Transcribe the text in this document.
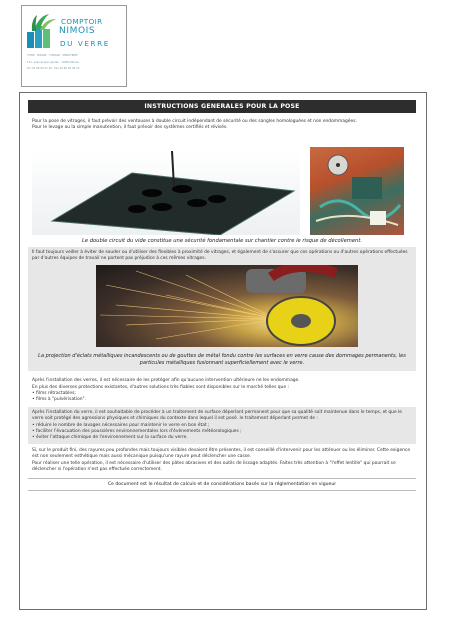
COMPTOIR
NIMOIS
DU VERRE
VITRE · MIROIR · VITRAGE · MIROITERIE
131, avenue Jean-Jaurès – 30900 Nîmes
Tél. 04 66 84 21 20 · Fax 04 66 84 09 70
INSTRUCTIONS GENERALES POUR LA POSE

Pour la pose de vitrages, il faut prévoir des ventouses à double circuit indépendant de sécurité ou des sangles homologuées et non endommagées.

Pour le levage ou la simple manutention, il faut prévoir des systèmes certifiés et révisés.

Le double circuit du vide constitue une sécurité fondamentale sur chantier contre le risque de décollement.

Il faut toujours veiller à éviter de souder ou d'utiliser des flexibles à proximité de vitrages, et également de s'assurer que ces opérations ou d'autres opérations effectuées par d'autres équipes de travail ne portent pas préjudice à ces mêmes vitrages.

La projection d'éclats métalliques incandescents ou de gouttes de métal fondu contre les surfaces en verre cause des dommages permanents, les particules métalliques fusionnant superficiellement avec le verre.

Après l'installation des verres, il est nécessaire de les protéger afin qu'aucune intervention ultérieure ne les endommage.

En plus des diverses protections existantes, d'autres solutions très fiables sont disponibles sur le marché telles que :

• films rétractables;

• films à "pulvérisation".

Après l'installation du verre, il est souhaitable de procéder à un traitement de surface déperlant permanent pour que sa qualité soit maintenue dans le temps, et que le verre soit protégé des agressions physiques et chimiques du contexte dans lequel il est posé. le traitement déperlant permet de :

• réduire le nombre de lavages nécessaires pour maintenir le verre en bon état ;

• faciliter l'évacuation des poussières environnementales lors d'évènements météorologiques ;

• éviter l'attaque chimique de l'environnement sur la surface du verre.

Si, sur le produit fini, des rayures peu profondes mais toujours visibles devaient être présentes, il est conseillé d'intervenir pour les atténuer ou les éliminer. Cette exigence est non seulement esthétique mais aussi mécanique puisqu'une rayure peut déclencher une casse.

Pour réaliser une telle opération, il est nécessaire d'utiliser des pâtes abrasives et des outils de lissage adaptés. Faites très attention à "l'effet lentille" qui pourrait se déclencher si l'opération n'est pas effectuée correctement.

Ce document est le résultat de calculs et de considérations basés sur la réglementation en vigueur
